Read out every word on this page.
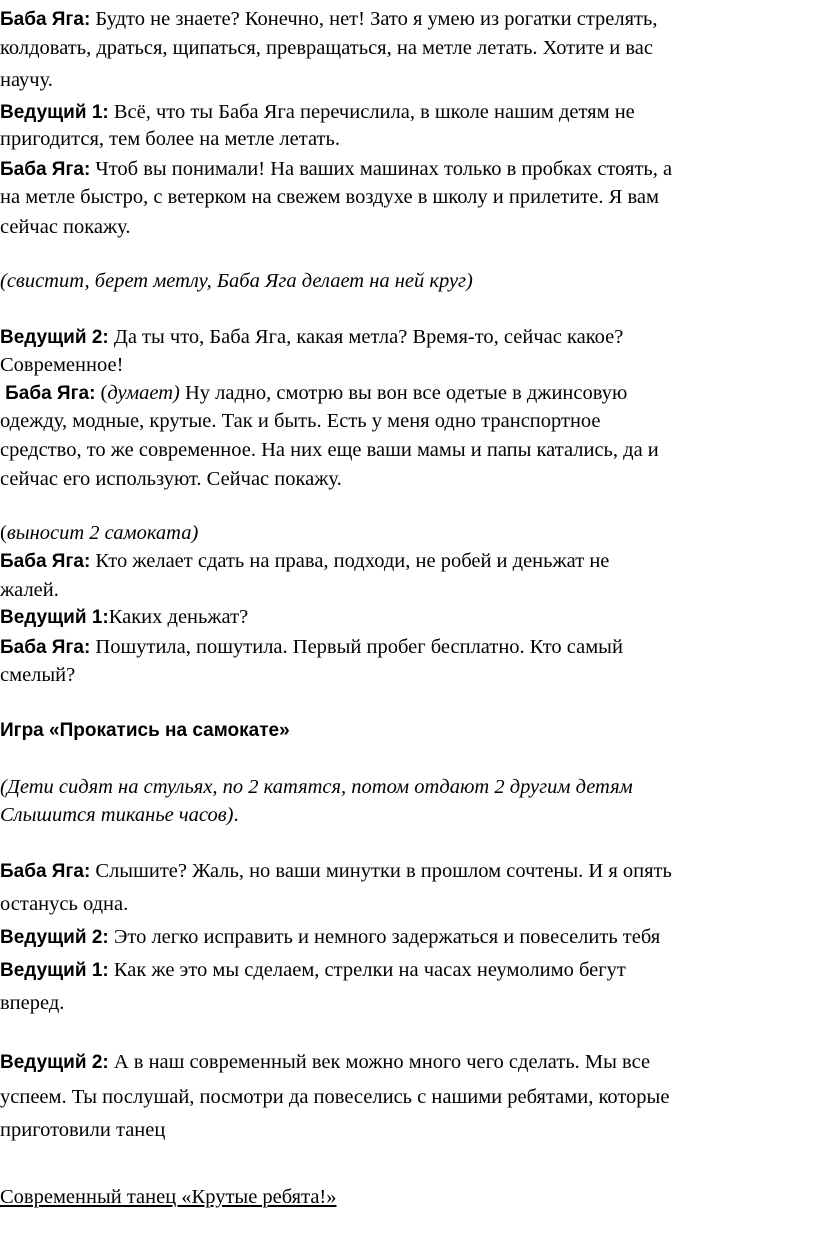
Баба Яга: Будто не знаете? Конечно, нет! Зато я умею из рогатки стрелять,

колдовать, драться, щипаться, превращаться, на метле летать. Хотите и вас

научу.

Ведущий 1: Всё, что ты Баба Яга перечислила, в школе нашим детям не

пригодится, тем более на метле летать.

Баба Яга: Чтоб вы понимали! На ваших машинах только в пробках стоять, а

на метле быстро, с ветерком на свежем воздухе в школу и прилетите. Я вам

сейчас покажу.

(свистит, берет метлу, Баба Яга делает на ней круг)

Ведущий 2: Да ты что, Баба Яга, какая метла? Время-то, сейчас какое?

Современное!

Баба Яга: (думает) Ну ладно, смотрю вы вон все одетые в джинсовую

одежду, модные, крутые. Так и быть. Есть у меня одно транспортное

средство, то же современное. На них еще ваши мамы и папы катались, да и

сейчас его используют. Сейчас покажу.

(выносит 2 самоката)

Баба Яга: Кто желает сдать на права, подходи, не робей и деньжат не

жалей.

Ведущий 1:Каких деньжат?

Баба Яга: Пошутила, пошутила. Первый пробег бесплатно. Кто самый

смелый?

Игра «Прокатись на самокате»

(Дети сидят на стульях, по 2 катятся, потом отдают 2 другим детям

Слышится тиканье часов).

Баба Яга: Слышите? Жаль, но ваши минутки в прошлом сочтены. И я опять

останусь одна.

Ведущий 2: Это легко исправить и немного задержаться и повеселить тебя

Ведущий 1: Как же это мы сделаем, стрелки на часах неумолимо бегут

вперед.

Ведущий 2: А в наш современный век можно много чего сделать. Мы все

успеем. Ты послушай, посмотри да повеселись с нашими ребятами, которые

приготовили танец

Современный танец «Крутые ребята!»
